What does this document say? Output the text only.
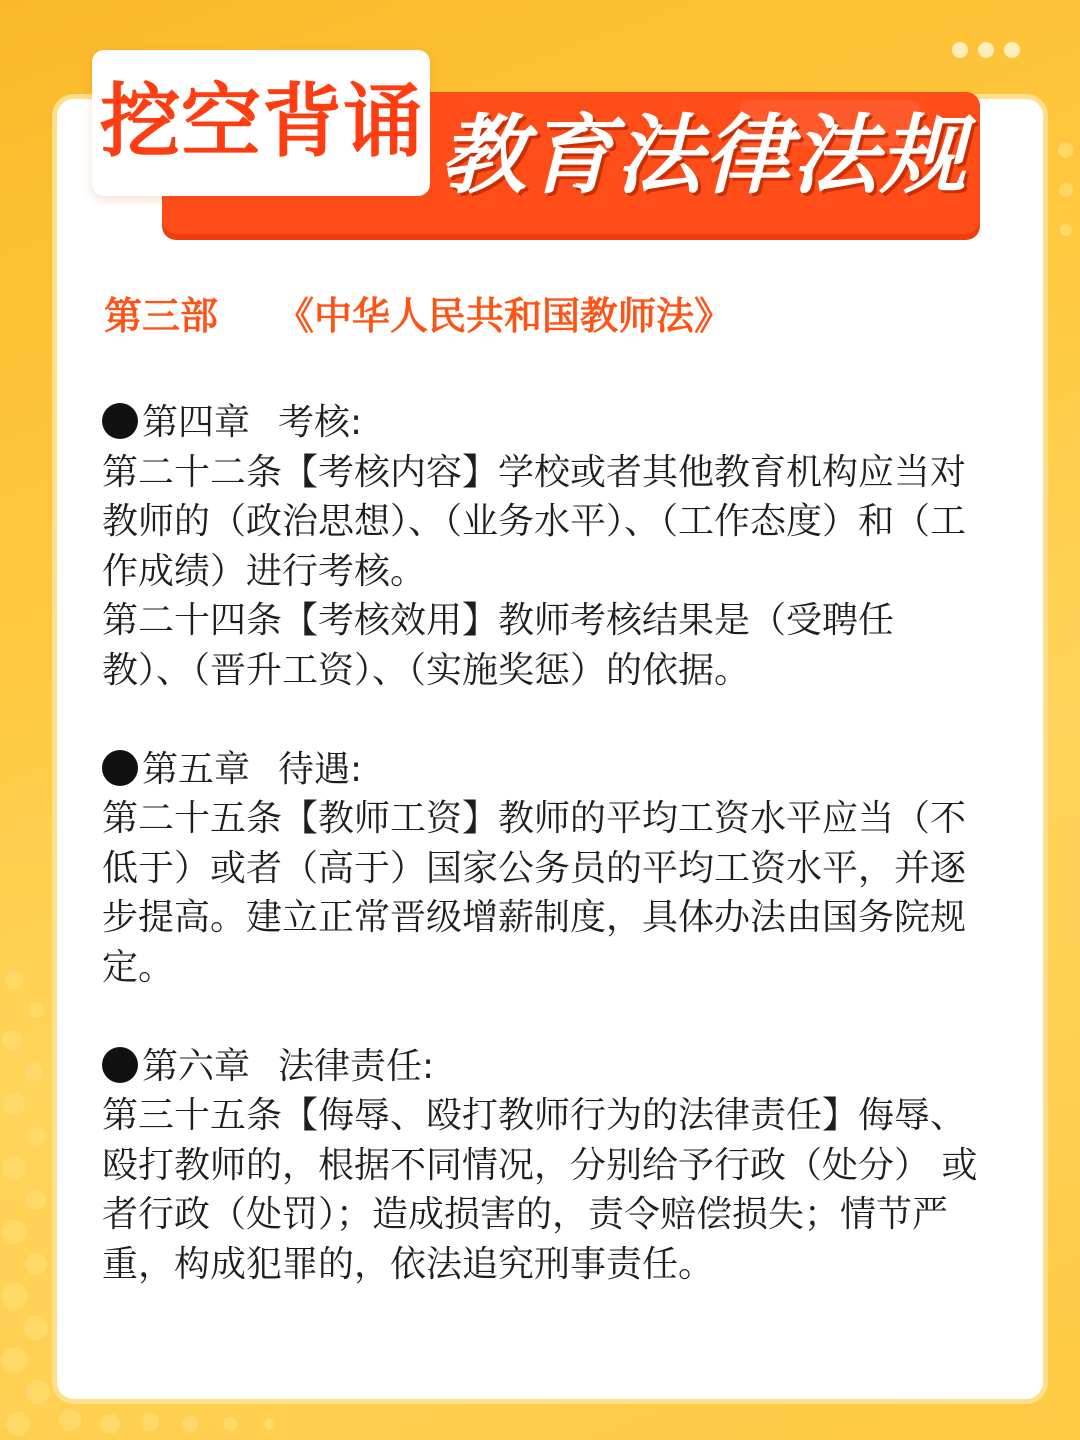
教育法律法规
挖空背诵
第三部 《中华人民共和国教师法》
第四章 考核:
第二十二条【考核内容】学校或者其他教育机构应当对教师的（政治思想）、（业务水平）、（工作态度）和（工作成绩）进行考核。
第二十四条【考核效用】教师考核结果是（受聘任教）、（晋升工资）、（实施奖惩）的依据。
第五章 待遇:
第二十五条【教师工资】教师的平均工资水平应当（不低于）或者（高于）国家公务员的平均工资水平，并逐步提高。建立正常晋级增薪制度，具体办法由国务院规定。
第六章 法律责任:
第三十五条【侮辱、殴打教师行为的法律责任】侮辱、殴打教师的，根据不同情况，分别给予行政（处分） 或者行政（处罚）；造成损害的，责令赔偿损失；情节严重，构成犯罪的，依法追究刑事责任。
